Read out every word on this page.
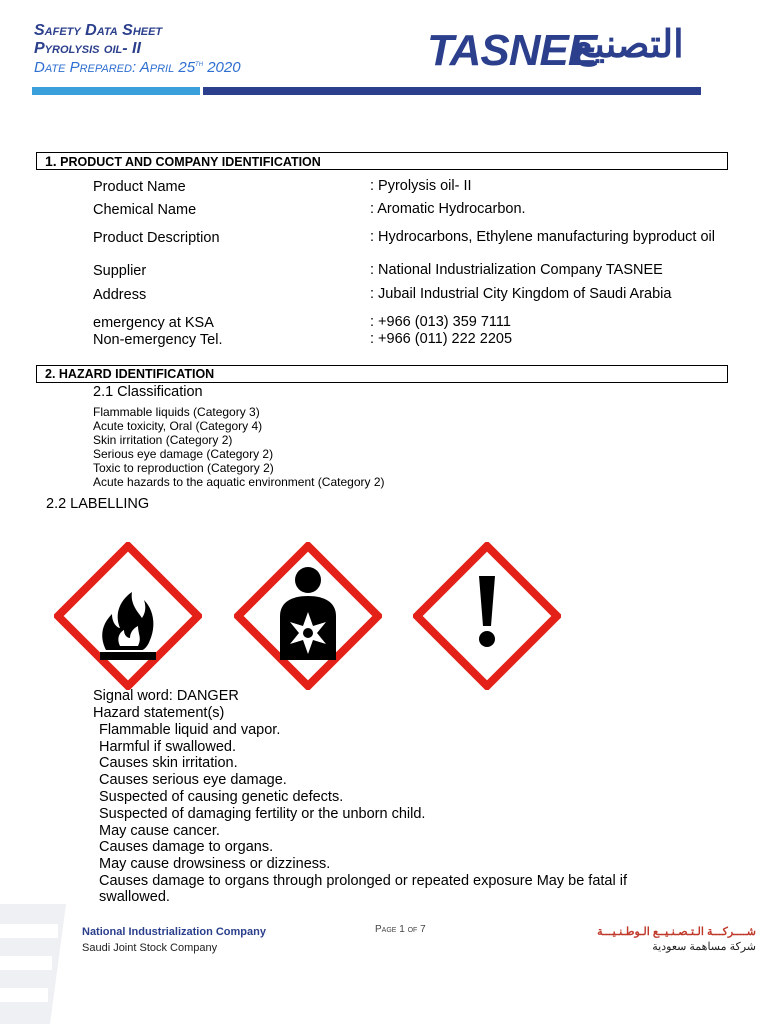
Safety Data Sheet
Pyrolysis oil- II
Date Prepared: April 25th 2020	TASNEE
التصنيع
1. PRODUCT AND COMPANY IDENTIFICATION
Product Name	: Pyrolysis oil- II
Chemical Name	: Aromatic Hydrocarbon.
Product Description	: Hydrocarbons, Ethylene manufacturing byproduct oil
Supplier	: National Industrialization Company TASNEE
Address	: Jubail Industrial City Kingdom of Saudi Arabia
emergency at KSA	: +966 (013) 359 7111
Non-emergency Tel.	: +966 (011) 222 2205
2. HAZARD IDENTIFICATION
2.1 Classification
Flammable liquids (Category 3)
Acute toxicity, Oral (Category 4)
Skin irritation (Category 2)
Serious eye damage (Category 2)
Toxic to reproduction (Category 2)
Acute hazards to the aquatic environment (Category 2)
2.2 LABELLING
Signal word: DANGER
Hazard statement(s)
Flammable liquid and vapor.
Harmful if swallowed.
Causes skin irritation.
Causes serious eye damage.
Suspected of causing genetic defects.
Suspected of damaging fertility or the unborn child.
May cause cancer.
Causes damage to organs.
May cause drowsiness or dizziness.
Causes damage to organs through prolonged or repeated exposure May be fatal if swallowed.
National Industrialization Company
Saudi Joint Stock Company
Page 1 of 7	شــــركـــة الـتـصـنـيــع الـوطـنـيـــة
شركة مساهمة سعودية
